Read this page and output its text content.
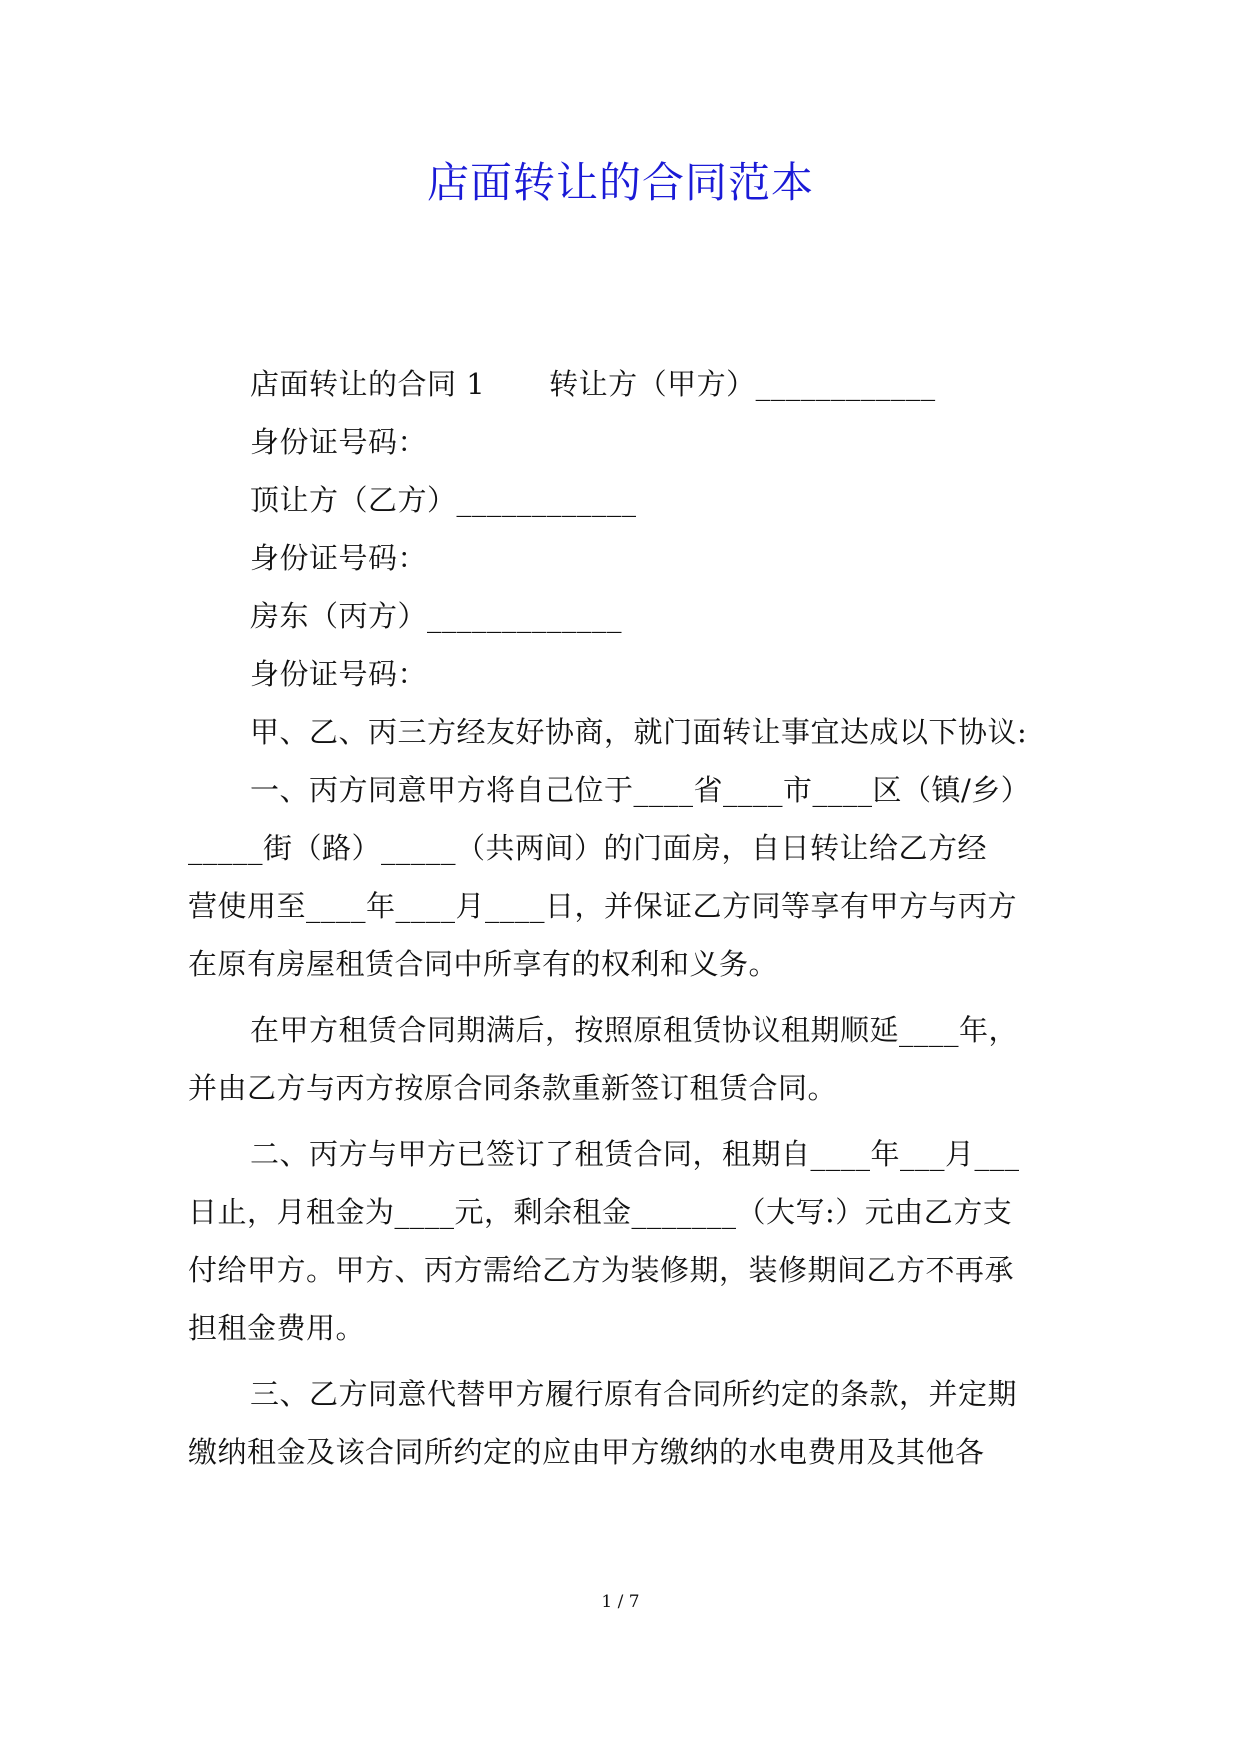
店面转让的合同范本
店面转让的合同 1 转让方（甲方）____________
身份证号码：
顶让方（乙方）____________
身份证号码：
房东（丙方）_____________
身份证号码：
甲、乙、丙三方经友好协商，就门面转让事宜达成以下协议:
一、丙方同意甲方将自己位于____省____市____区（镇/乡）
_____街（路）_____（共两间）的门面房，自日转让给乙方经
营使用至____年____月____日，并保证乙方同等享有甲方与丙方
在原有房屋租赁合同中所享有的权利和义务。
在甲方租赁合同期满后，按照原租赁协议租期顺延____年，
并由乙方与丙方按原合同条款重新签订租赁合同。
二、丙方与甲方已签订了租赁合同，租期自____年___月___
日止，月租金为____元，剩余租金_______（大写:）元由乙方支
付给甲方。甲方、丙方需给乙方为装修期，装修期间乙方不再承
担租金费用。
三、乙方同意代替甲方履行原有合同所约定的条款，并定期
缴纳租金及该合同所约定的应由甲方缴纳的水电费用及其他各
1 / 7
